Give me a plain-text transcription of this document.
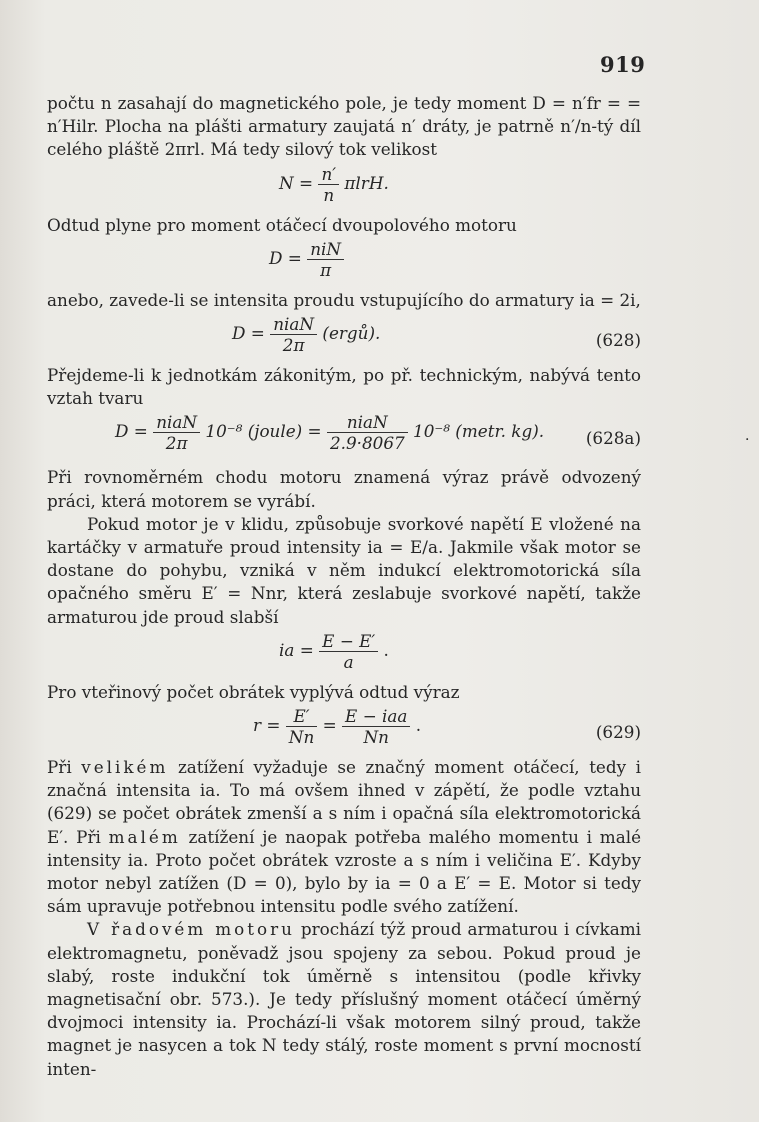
919

počtu n zasahají do magnetického pole, je tedy moment D = n′fr = = n′Hilr. Plocha na plášti armatury zaujatá n′ dráty, je patrně n′/n-tý díl celého pláště 2πrl. Má tedy silový tok velikost

$N = \frac{n'}{n} \pi lrH$.

Odtud plyne pro moment otáčecí dvoupolového motoru

$D = \frac{\text{niN}}{\pi}$

anebo, zavede-li se intensita proudu vstupujícího do armatury ia = 2i,

$D = \frac{\text{niaN}}{2\pi}$ (ergů).	(628)

Přejdeme-li k jednotkám zákonitým, po př. technickým, nabývá tento vztah tvaru

$D = \frac{\text{niaN}}{2\pi} 10^{-8}$ (joule) = $\frac{\text{niaN}}{2.9\cdot 8067} 10^{-8}$ (metr. kg). (628a)

Při rovnoměrném chodu motoru znamená výraz právě odvozený práci, která motorem se vyrábí.

Pokud motor je v klidu, způsobuje svorkové napětí E vložené na kartáčky v armatuře proud intensity ia = E/a. Jakmile však motor se dostane do pohybu, vzniká v něm indukcí elektromotorická síla opačného směru E′ = Nnr, která zeslabuje svorkové napětí, takže armaturou jde proud slabší

ia = $\frac{E - E'}{a}$ .

Pro vteřinový počet obrátek vyplývá odtud výraz

$r = \frac{E'}{Nn} = \frac{\text{E − iaa}}{Nn}$ .	(629)

Při velikém zatížení vyžaduje se značný moment otáčecí, tedy i značná intensita ia. To má ovšem ihned v zápětí, že podle vztahu (629) se počet obrátek zmenší a s ním i opačná síla elektromotorická E′. Při malém zatížení je naopak potřeba malého momentu i malé intensity ia. Proto počet obrátek vzroste a s ním i veličina E′. Kdyby motor nebyl zatížen (D = 0), bylo by ia = 0 a E′ = E. Motor si tedy sám upravuje potřebnou intensitu podle svého zatížení.

V řadovém motoru prochází týž proud armaturou i cívkami elektromagnetu, poněvadž jsou spojeny za sebou. Pokud proud je slabý, roste indukční tok úměrně s intensitou (podle křivky magnetisační obr. 573.). Je tedy příslušný moment otáčecí úměrný dvojmoci intensity ia. Prochází-li však motorem silný proud, takže magnet je nasycen a tok N tedy stálý, roste moment s první mocností inten-

·
